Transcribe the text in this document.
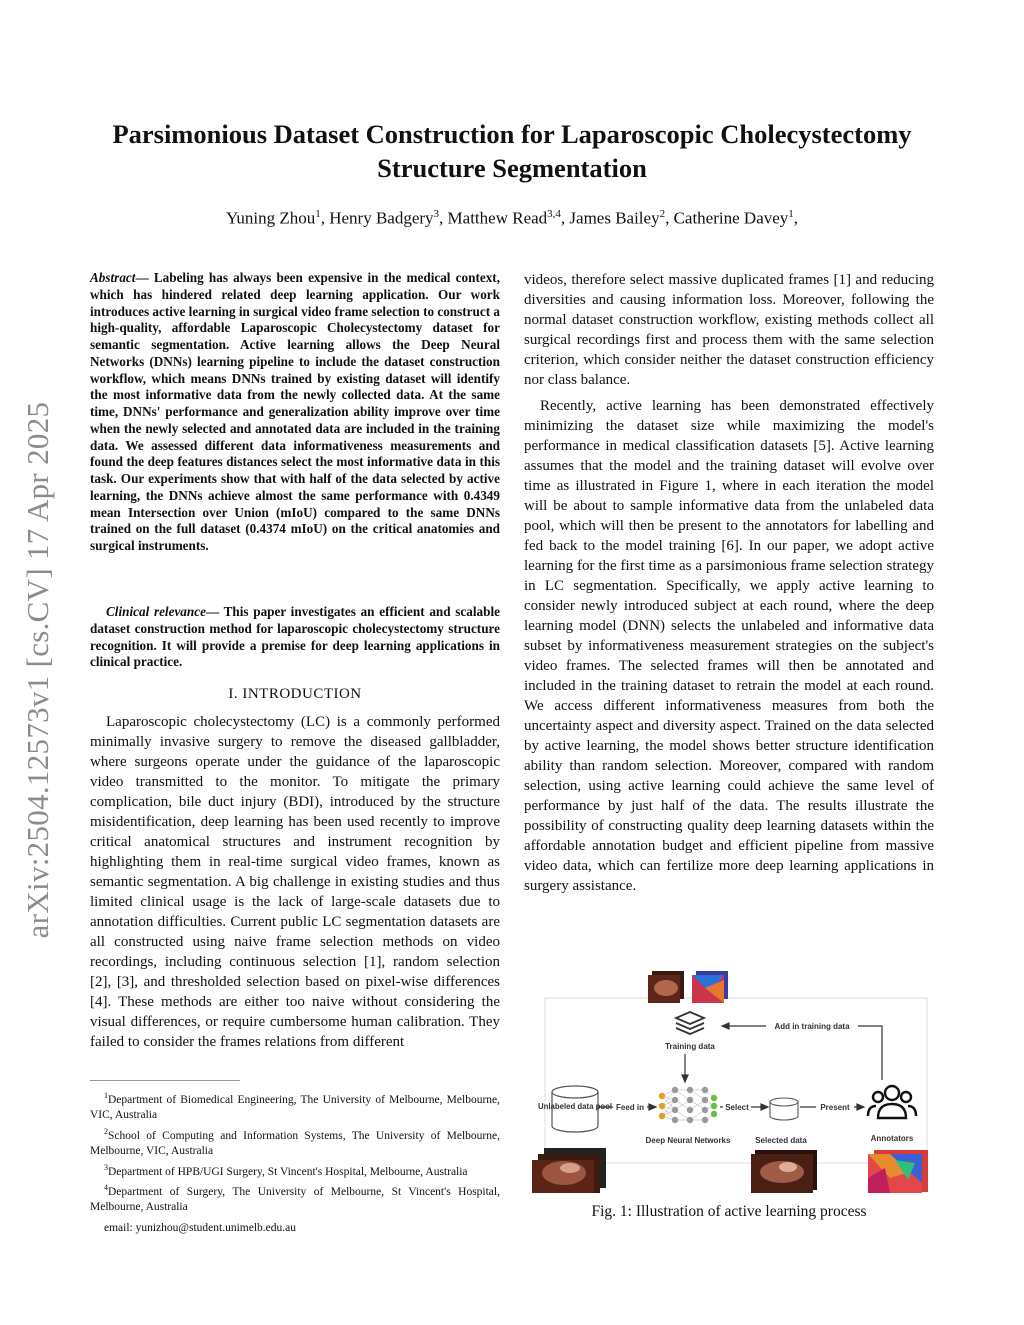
Parsimonious Dataset Construction for Laparoscopic Cholecystectomy Structure Segmentation
Yuning Zhou$^1$, Henry Badgery$^3$, Matthew Read$^{3,4}$, James Bailey$^2$, Catherine Davey$^1$,
arXiv:2504.12573v1 [cs.CV] 17 Apr 2025

Abstract— Labeling has always been expensive in the medical context, which has hindered related deep learning application. Our work introduces active learning in surgical video frame selection to construct a high-quality, affordable Laparoscopic Cholecystectomy dataset for semantic segmentation. Active learning allows the Deep Neural Networks (DNNs) learning pipeline to include the dataset construction workflow, which means DNNs trained by existing dataset will identify the most informative data from the newly collected data. At the same time, DNNs' performance and generalization ability improve over time when the newly selected and annotated data are included in the training data. We assessed different data informativeness measurements and found the deep features distances select the most informative data in this task. Our experiments show that with half of the data selected by active learning, the DNNs achieve almost the same performance with 0.4349 mean Intersection over Union (mIoU) compared to the same DNNs trained on the full dataset (0.4374 mIoU) on the critical anatomies and surgical instruments.

Clinical relevance— This paper investigates an efficient and scalable dataset construction method for laparoscopic cholecystectomy structure recognition. It will provide a premise for deep learning applications in clinical practice.

I. INTRODUCTION

Laparoscopic cholecystectomy (LC) is a commonly performed minimally invasive surgery to remove the diseased gallbladder, where surgeons operate under the guidance of the laparoscopic video transmitted to the monitor. To mitigate the primary complication, bile duct injury (BDI), introduced by the structure misidentification, deep learning has been used recently to improve critical anatomical structures and instrument recognition by highlighting them in real-time surgical video frames, known as semantic segmentation. A big challenge in existing studies and thus limited clinical usage is the lack of large-scale datasets due to annotation difficulties. Current public LC segmentation datasets are all constructed using naive frame selection methods on video recordings, including continuous selection [1], random selection [2], [3], and thresholded selection based on pixel-wise differences [4]. These methods are either too naive without considering the visual differences, or require cumbersome human calibration. They failed to consider the frames relations from different

$^1$Department of Biomedical Engineering, The University of Melbourne, Melbourne, VIC, Australia

$^2$School of Computing and Information Systems, The University of Melbourne, Melbourne, VIC, Australia

$^3$Department of HPB/UGI Surgery, St Vincent's Hospital, Melbourne, Australia

$^4$Department of Surgery, The University of Melbourne, St Vincent's Hospital, Melbourne, Australia

email: yunizhou@student.unimelb.edu.au

videos, therefore select massive duplicated frames [1] and reducing diversities and causing information loss. Moreover, following the normal dataset construction workflow, existing methods collect all surgical recordings first and process them with the same selection criterion, which consider neither the dataset construction efficiency nor class balance.

Recently, active learning has been demonstrated effectively minimizing the dataset size while maximizing the model's performance in medical classification datasets [5]. Active learning assumes that the model and the training dataset will evolve over time as illustrated in Figure 1, where in each iteration the model will be about to sample informative data from the unlabeled data pool, which will then be present to the annotators for labelling and fed back to the model training [6]. In our paper, we adopt active learning for the first time as a parsimonious frame selection strategy in LC segmentation. Specifically, we apply active learning to consider newly introduced subject at each round, where the deep learning model (DNN) selects the unlabeled and informative data subset by informativeness measurement strategies on the subject's video frames. The selected frames will then be annotated and included in the training dataset to retrain the model at each round. We access different informativeness measures from both the uncertainty aspect and diversity aspect. Trained on the data selected by active learning, the model shows better structure identification ability than random selection. Moreover, compared with random selection, using active learning could achieve the same level of performance by just half of the data. The results illustrate the possibility of constructing quality deep learning datasets within the affordable annotation budget and efficient pipeline from massive video data, which can fertilize more deep learning applications in surgery assistance.

Training data
Add in training data
Unlabeled data pool Feed in
Deep Neural Networks
Select
Selected data
Present
Annotators
Fig. 1: Illustration of active learning process
